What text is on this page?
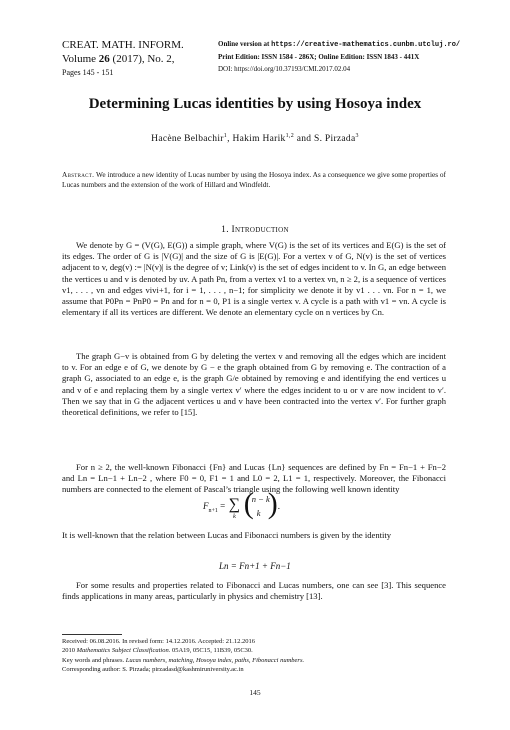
CREAT. MATH. INFORM.
Volume 26 (2017), No. 2,
Pages 145 - 151
Online version at https://creative-mathematics.cunbm.utcluj.ro/
Print Edition: ISSN 1584 - 286X; Online Edition: ISSN 1843 - 441X
DOI: https://doi.org/10.37193/CMI.2017.02.04
Determining Lucas identities by using Hosoya index
Hacène Belbachir$^1$, Hakim Harik$^{1,2}$ and S. Pirzada$^3$
Abstract. We introduce a new identity of Lucas number by using the Hosoya index. As a consequence we give some properties of Lucas numbers and the extension of the work of Hillard and Windfeldt.
1. Introduction
We denote by G = (V(G), E(G)) a simple graph, where V(G) is the set of its vertices and E(G) is the set of its edges. The order of G is |V(G)| and the size of G is |E(G)|. For a vertex v of G, N(v) is the set of vertices adjacent to v, deg(v) := |N(v)| is the degree of v; Link(v) is the set of edges incident to v. In G, an edge between the vertices u and v is denoted by uv. A path Pn, from a vertex v1 to a vertex vn, n ≥ 2, is a sequence of vertices v1, . . . , vn and edges vivi+1, for i = 1, . . . , n−1; for simplicity we denote it by v1 . . . vn. For n = 1, we assume that P0Pn = PnP0 = Pn and for n = 0, P1 is a single vertex v. A cycle is a path with v1 = vn. A cycle is elementary if all its vertices are different. We denote an elementary cycle on n vertices by Cn.
The graph G−v is obtained from G by deleting the vertex v and removing all the edges which are incident to v. For an edge e of G, we denote by G − e the graph obtained from G by removing e. The contraction of a graph G, associated to an edge e, is the graph G/e obtained by removing e and identifying the end vertices u and v of e and replacing them by a single vertex v′ where the edges incident to u or v are now incident to v′. Then we say that in G the adjacent vertices u and v have been contracted into the vertex v′. For further graph theoretical definitions, we refer to [15].
For n ≥ 2, the well-known Fibonacci {Fn} and Lucas {Ln} sequences are defined by Fn = Fn−1 + Fn−2 and Ln = Ln−1 + Ln−2 , where F0 = 0, F1 = 1 and L0 = 2, L1 = 1, respectively. Moreover, the Fibonacci numbers are connected to the element of Pascal’s triangle using the following well known identity
$F_{n+1}$ = ∑
k
(
n − k
k ) .
It is well-known that the relation between Lucas and Fibonacci numbers is given by the identity
Ln = Fn+1 + Fn−1
For some results and properties related to Fibonacci and Lucas numbers, one can see [3]. This sequence finds applications in many areas, particularly in physics and chemistry [13].
Received: 06.08.2016. In revised form: 14.12.2016. Accepted: 21.12.2016
2010 Mathematics Subject Classification. 05A19, 05C15, 11B39, 05C30.
Key words and phrases. Lucas numbers, matching, Hosoya index, paths, Fibonacci numbers.
Corresponding author: S. Pirzada; pirzadasd@kashmiruniversity.ac.in
145
